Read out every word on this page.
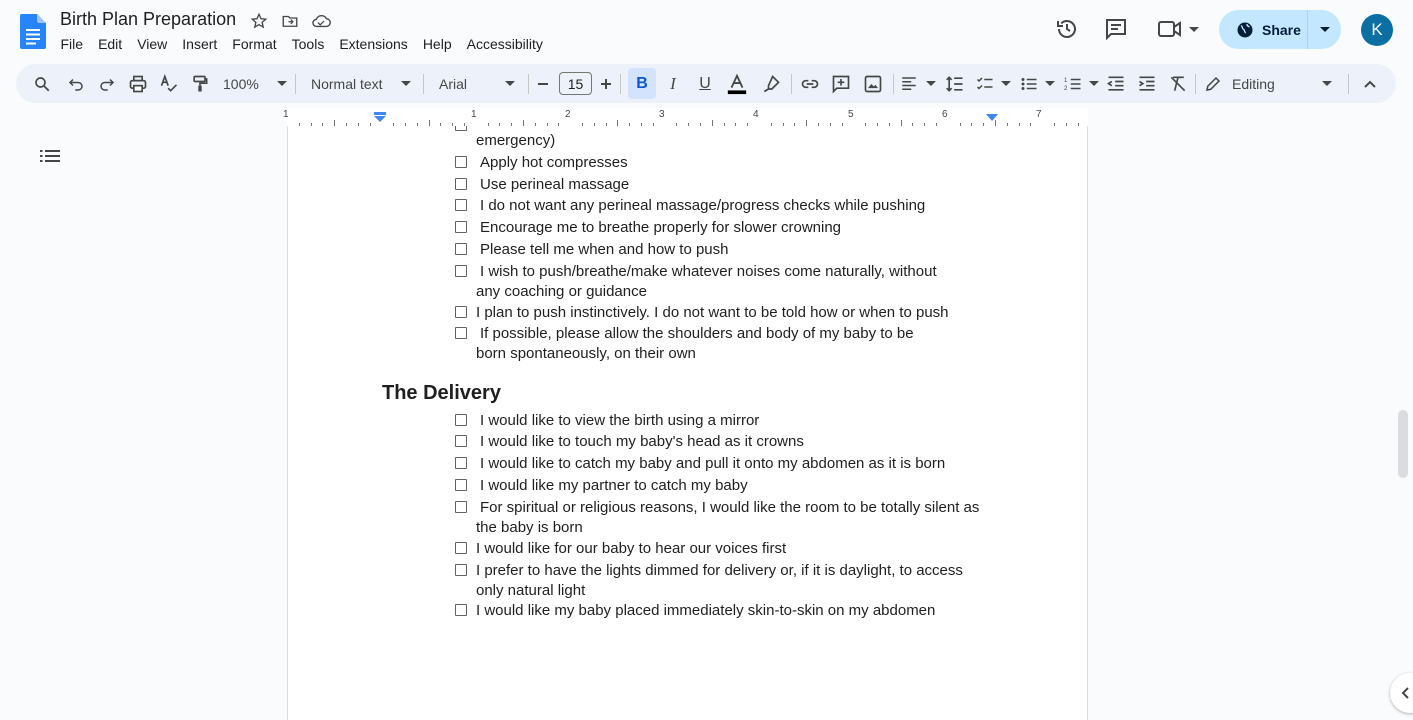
Birth Plan Preparation
File	Edit	View	Insert	Format	Tools	Extensions	Help	Accessibility
Share	K
100%	Normal text	Arial	15	B I U	1
2	Editing
1	1	2	3	4	5	6	7
emergency)
Apply hot compresses
Use perineal massage
I do not want any perineal massage/progress checks while pushing
Encourage me to breathe properly for slower crowning
Please tell me when and how to push
I wish to push/breathe/make whatever noises come naturally, without any coaching or guidance
I plan to push instinctively. I do not want to be told how or when to push
If possible, please allow the shoulders and body of my baby to be born spontaneously, on their own
The Delivery
I would like to view the birth using a mirror
I would like to touch my baby's head as it crowns
I would like to catch my baby and pull it onto my abdomen as it is born
I would like my partner to catch my baby
For spiritual or religious reasons, I would like the room to be totally silent as the baby is born
I would like for our baby to hear our voices first
I prefer to have the lights dimmed for delivery or, if it is daylight, to access only natural light
I would like my baby placed immediately skin-to-skin on my abdomen
